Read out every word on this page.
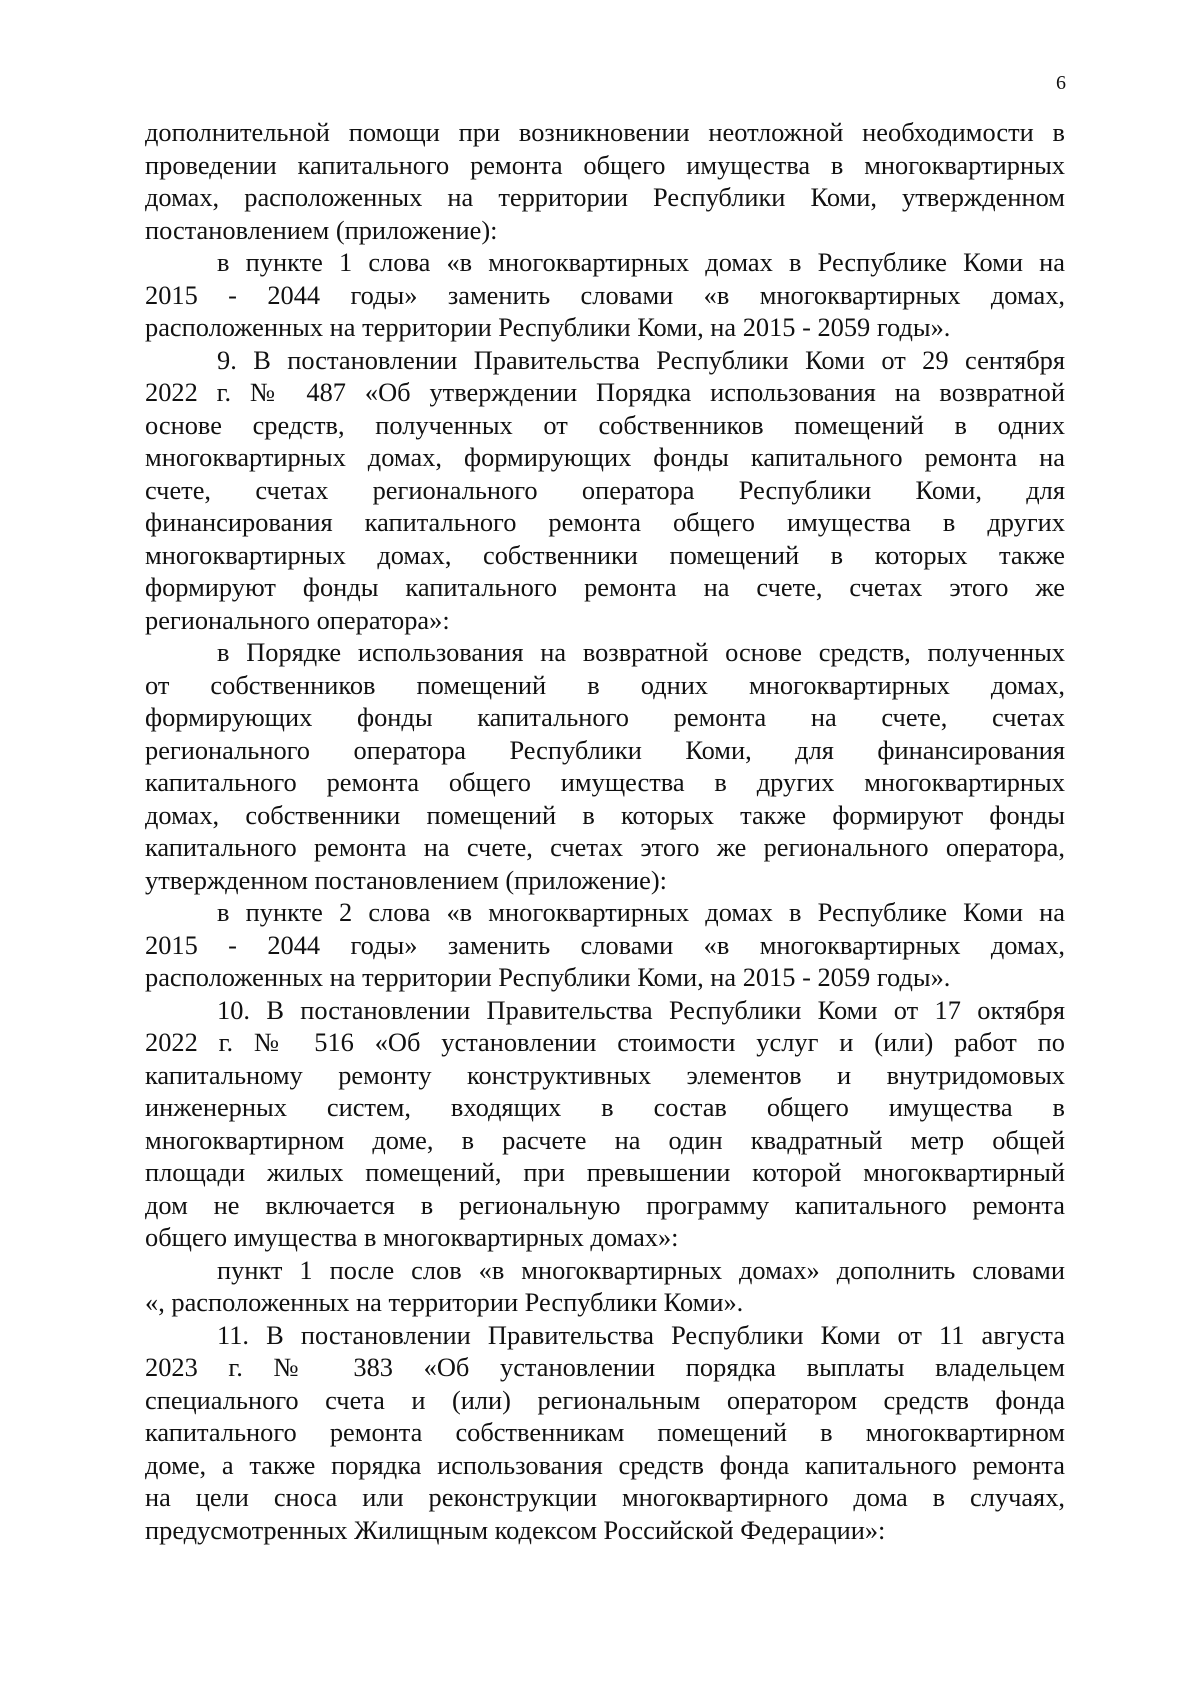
6
дополнительной помощи при возникновении неотложной необходимости в
проведении капитального ремонта общего имущества в многоквартирных
домах, расположенных на территории Республики Коми, утвержденном
постановлением (приложение):
в пункте 1 слова «в многоквартирных домах в Республике Коми на
2015 - 2044 годы» заменить словами «в многоквартирных домах,
расположенных на территории Республики Коми, на 2015 - 2059 годы».
9. В постановлении Правительства Республики Коми от 29 сентября
2022 г. № 487 «Об утверждении Порядка использования на возвратной
основе средств, полученных от собственников помещений в одних
многоквартирных домах, формирующих фонды капитального ремонта на
счете, счетах регионального оператора Республики Коми, для
финансирования капитального ремонта общего имущества в других
многоквартирных домах, собственники помещений в которых также
формируют фонды капитального ремонта на счете, счетах этого же
регионального оператора»:
в Порядке использования на возвратной основе средств, полученных
от собственников помещений в одних многоквартирных домах,
формирующих фонды капитального ремонта на счете, счетах
регионального оператора Республики Коми, для финансирования
капитального ремонта общего имущества в других многоквартирных
домах, собственники помещений в которых также формируют фонды
капитального ремонта на счете, счетах этого же регионального оператора,
утвержденном постановлением (приложение):
в пункте 2 слова «в многоквартирных домах в Республике Коми на
2015 - 2044 годы» заменить словами «в многоквартирных домах,
расположенных на территории Республики Коми, на 2015 - 2059 годы».
10. В постановлении Правительства Республики Коми от 17 октября
2022 г. № 516 «Об установлении стоимости услуг и (или) работ по
капитальному ремонту конструктивных элементов и внутридомовых
инженерных систем, входящих в состав общего имущества в
многоквартирном доме, в расчете на один квадратный метр общей
площади жилых помещений, при превышении которой многоквартирный
дом не включается в региональную программу капитального ремонта
общего имущества в многоквартирных домах»:
пункт 1 после слов «в многоквартирных домах» дополнить словами
«, расположенных на территории Республики Коми».
11. В постановлении Правительства Республики Коми от 11 августа
2023 г. № 383 «Об установлении порядка выплаты владельцем
специального счета и (или) региональным оператором средств фонда
капитального ремонта собственникам помещений в многоквартирном
доме, а также порядка использования средств фонда капитального ремонта
на цели сноса или реконструкции многоквартирного дома в случаях,
предусмотренных Жилищным кодексом Российской Федерации»:
